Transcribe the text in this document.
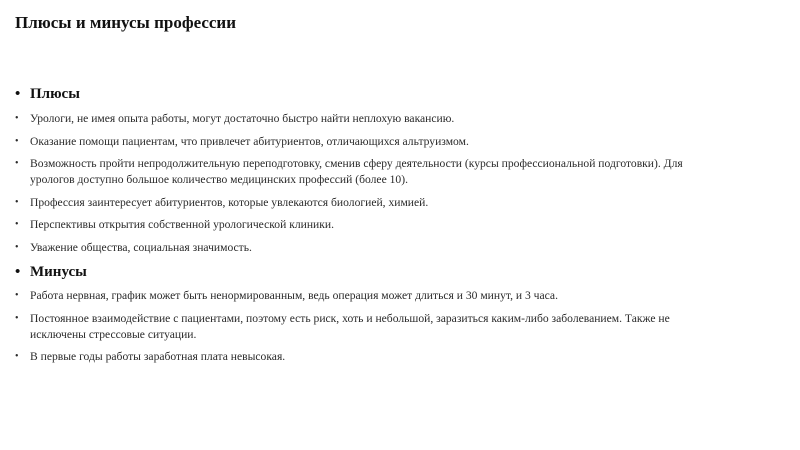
Плюсы и минусы профессии
• Плюсы
• Урологи, не имея опыта работы, могут достаточно быстро найти неплохую вакансию.
• Оказание помощи пациентам, что привлечет абитуриентов, отличающихся альтруизмом.
• Возможность пройти непродолжительную переподготовку, сменив сферу деятельности (курсы профессиональной подготовки). Для урологов доступно большое количество медицинских профессий (более 10).
• Профессия заинтересует абитуриентов, которые увлекаются биологией, химией.
• Перспективы открытия собственной урологической клиники.
• Уважение общества, социальная значимость.
• Минусы
• Работа нервная, график может быть ненормированным, ведь операция может длиться и 30 минут, и 3 часа.
• Постоянное взаимодействие с пациентами, поэтому есть риск, хоть и небольшой, заразиться каким-либо заболеванием. Также не исключены стрессовые ситуации.
• В первые годы работы заработная плата невысокая.
